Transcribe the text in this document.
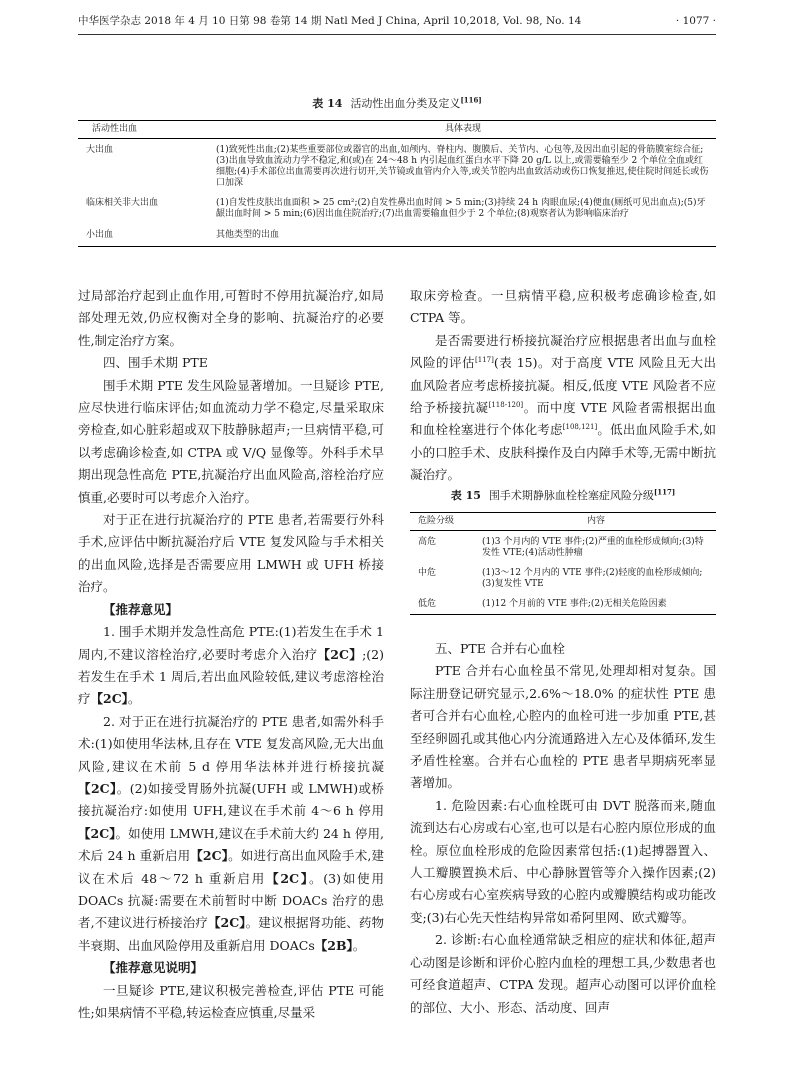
中华医学杂志 2018 年 4 月 10 日第 98 卷第 14 期 Natl Med J China, April 10,2018, Vol. 98, No. 14	· 1077 ·
表 14 活动性出血分类及定义[116]
活动性出血	具体表现
大出血	(1)致死性出血;(2)某些重要部位或器官的出血,如颅内、脊柱内、腹膜后、关节内、心包等,及因出血引起的骨筋膜室综合征;(3)出血导致血流动力学不稳定,和(或)在 24～48 h 内引起血红蛋白水平下降 20 g/L 以上,或需要输至少 2 个单位全血或红细胞;(4)手术部位出血需要再次进行切开,关节镜或血管内介入等,或关节腔内出血致活动或伤口恢复推迟,使住院时间延长或伤口加深
临床相关非大出血	(1)自发性皮肤出血面积 > 25 cm²;(2)自发性鼻出血时间 > 5 min;(3)持续 24 h 肉眼血尿;(4)便血(厕纸可见出血点);(5)牙龈出血时间 > 5 min;(6)因出血住院治疗;(7)出血需要输血但少于 2 个单位;(8)观察者认为影响临床治疗
小出血	其他类型的出血

过局部治疗起到止血作用,可暂时不停用抗凝治疗,如局部处理无效,仍应权衡对全身的影响、抗凝治疗的必要性,制定治疗方案。

四、围手术期 PTE

围手术期 PTE 发生风险显著增加。一旦疑诊 PTE,应尽快进行临床评估;如血流动力学不稳定,尽量采取床旁检查,如心脏彩超或双下肢静脉超声;一旦病情平稳,可以考虑确诊检查,如 CTPA 或 V/Q 显像等。外科手术早期出现急性高危 PTE,抗凝治疗出血风险高,溶栓治疗应慎重,必要时可以考虑介入治疗。

对于正在进行抗凝治疗的 PTE 患者,若需要行外科手术,应评估中断抗凝治疗后 VTE 复发风险与手术相关的出血风险,选择是否需要应用 LMWH 或 UFH 桥接治疗。

【推荐意见】

1. 围手术期并发急性高危 PTE:(1)若发生在手术 1 周内,不建议溶栓治疗,必要时考虑介入治疗【2C】;(2)若发生在手术 1 周后,若出血风险较低,建议考虑溶栓治疗【2C】。

2. 对于正在进行抗凝治疗的 PTE 患者,如需外科手术:(1)如使用华法林,且存在 VTE 复发高风险,无大出血风险,建议在术前 5 d 停用华法林并进行桥接抗凝【2C】。(2)如接受胃肠外抗凝(UFH 或 LMWH)或桥接抗凝治疗:如使用 UFH,建议在手术前 4～6 h 停用【2C】。如使用 LMWH,建议在手术前大约 24 h 停用,术后 24 h 重新启用【2C】。如进行高出血风险手术,建议在术后 48～72 h 重新启用【2C】。(3)如使用 DOACs 抗凝:需要在术前暂时中断 DOACs 治疗的患者,不建议进行桥接治疗【2C】。建议根据肾功能、药物半衰期、出血风险停用及重新启用 DOACs【2B】。

【推荐意见说明】

一旦疑诊 PTE,建议积极完善检查,评估 PTE 可能性;如果病情不平稳,转运检查应慎重,尽量采

取床旁检查。一旦病情平稳,应积极考虑确诊检查,如 CTPA 等。

是否需要进行桥接抗凝治疗应根据患者出血与血栓风险的评估[117](表 15)。对于高度 VTE 风险且无大出血风险者应考虑桥接抗凝。相反,低度 VTE 风险者不应给予桥接抗凝[118-120]。而中度 VTE 风险者需根据出血和血栓栓塞进行个体化考虑[108,121]。低出血风险手术,如小的口腔手术、皮肤科操作及白内障手术等,无需中断抗凝治疗。

表 15 围手术期静脉血栓栓塞症风险分级[117]
危险分级	内容
高危	(1)3 个月内的 VTE 事件;(2)严重的血栓形成倾向;(3)特发性 VTE;(4)活动性肿瘤
中危	(1)3～12 个月内的 VTE 事件;(2)轻度的血栓形成倾向;(3)复发性 VTE
低危	(1)12 个月前的 VTE 事件;(2)无相关危险因素

五、PTE 合并右心血栓

PTE 合并右心血栓虽不常见,处理却相对复杂。国际注册登记研究显示,2.6%～18.0% 的症状性 PTE 患者可合并右心血栓,心腔内的血栓可进一步加重 PTE,甚至经卵圆孔或其他心内分流通路进入左心及体循环,发生矛盾性栓塞。合并右心血栓的 PTE 患者早期病死率显著增加。

1. 危险因素:右心血栓既可由 DVT 脱落而来,随血流到达右心房或右心室,也可以是右心腔内原位形成的血栓。原位血栓形成的危险因素常包括:(1)起搏器置入、人工瓣膜置换术后、中心静脉置管等介入操作因素;(2)右心房或右心室疾病导致的心腔内或瓣膜结构或功能改变;(3)右心先天性结构异常如希阿里网、欧式瓣等。

2. 诊断:右心血栓通常缺乏相应的症状和体征,超声心动图是诊断和评价心腔内血栓的理想工具,少数患者也可经食道超声、CTPA 发现。超声心动图可以评价血栓的部位、大小、形态、活动度、回声
